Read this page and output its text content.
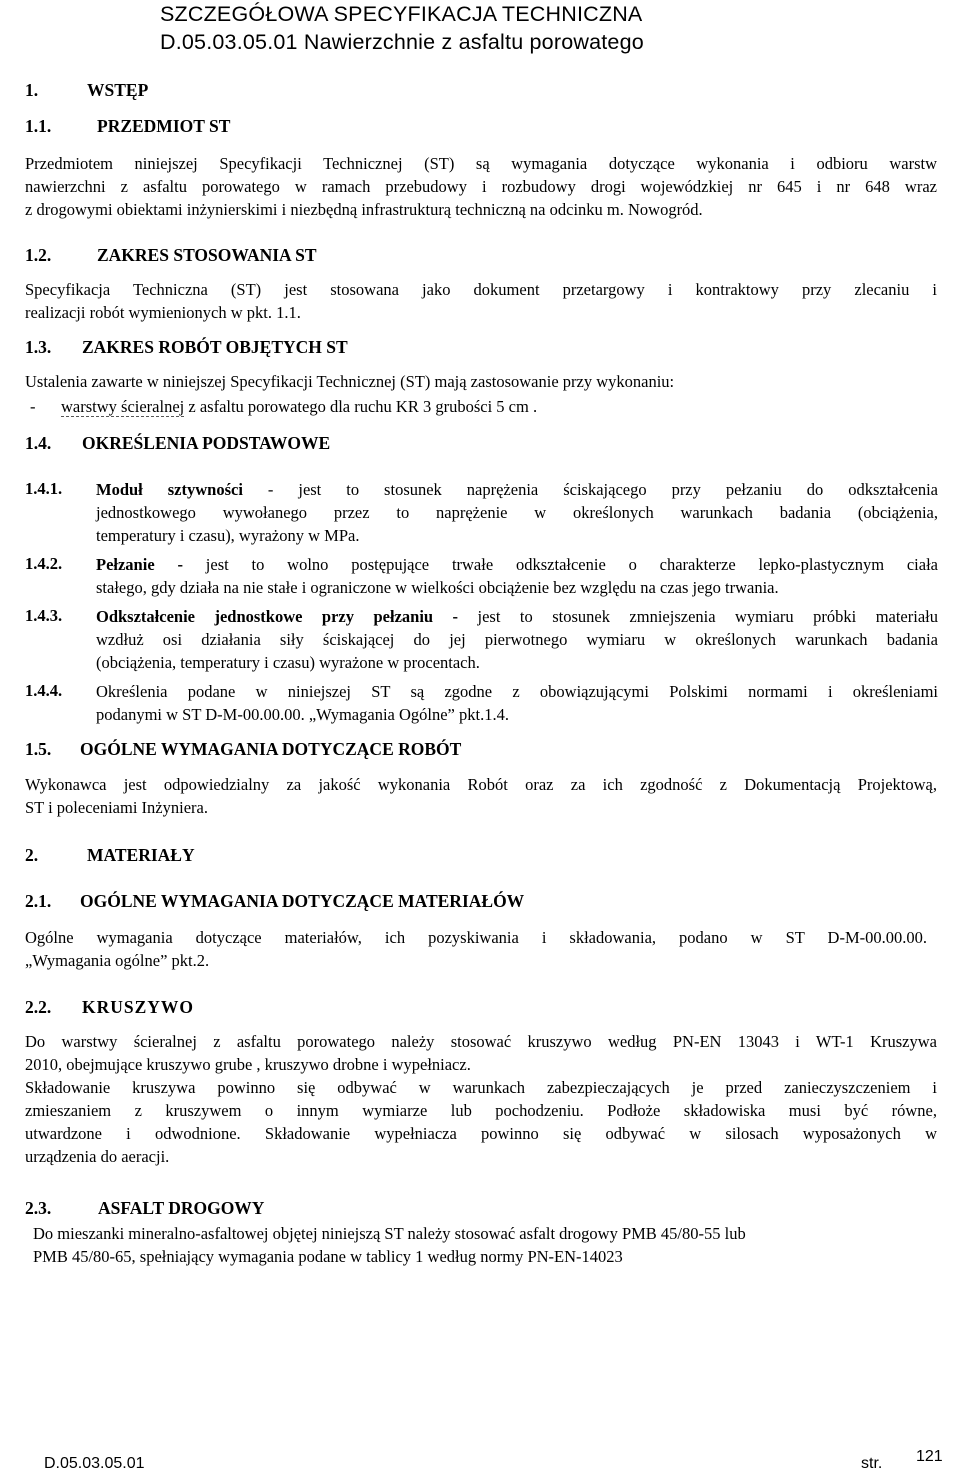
SZCZEGÓŁOWA SPECYFIKACJA TECHNICZNA
D.05.03.05.01 Nawierzchnie z asfaltu porowatego
1.	WSTĘP
1.1.	PRZEDMIOT ST
Przedmiotem niniejszej Specyfikacji Technicznej (ST) są wymagania dotyczące wykonania i odbioru warstw
nawierzchni z asfaltu porowatego w ramach przebudowy i rozbudowy drogi wojewódzkiej nr 645 i nr 648 wraz
z drogowymi obiektami inżynierskimi i niezbędną infrastrukturą techniczną na odcinku m. Nowogród.
1.2.	ZAKRES STOSOWANIA ST
Specyfikacja Techniczna (ST) jest stosowana jako dokument przetargowy i kontraktowy przy zlecaniu i
realizacji robót wymienionych w pkt. 1.1.
1.3. ZAKRES ROBÓT OBJĘTYCH ST
Ustalenia zawarte w niniejszej Specyfikacji Technicznej (ST) mają zastosowanie przy wykonaniu:
- warstwy ścieralnej z asfaltu porowatego dla ruchu KR 3 grubości 5 cm .
1.4. OKREŚLENIA PODSTAWOWE
1.4.1. Moduł sztywności - jest to stosunek naprężenia ściskającego przy pełzaniu do odkształcenia
jednostkowego wywołanego przez to naprężenie w określonych warunkach badania (obciążenia,
temperatury i czasu), wyrażony w MPa.
1.4.2. Pełzanie - jest to wolno postępujące trwałe odkształcenie o charakterze lepko-plastycznym ciała
stałego, gdy działa na nie stałe i ograniczone w wielkości obciążenie bez względu na czas jego trwania.
1.4.3. Odkształcenie jednostkowe przy pełzaniu - jest to stosunek zmniejszenia wymiaru próbki materiału
wzdłuż osi działania siły ściskającej do jej pierwotnego wymiaru w określonych warunkach badania
(obciążenia, temperatury i czasu) wyrażone w procentach.
1.4.4. Określenia podane w niniejszej ST są zgodne z obowiązującymi Polskimi normami i określeniami
podanymi w ST D-M-00.00.00. „Wymagania Ogólne” pkt.1.4.
1.5. OGÓLNE WYMAGANIA DOTYCZĄCE ROBÓT
Wykonawca jest odpowiedzialny za jakość wykonania Robót oraz za ich zgodność z Dokumentacją Projektową,
ST i poleceniami Inżyniera.
2.	MATERIAŁY
2.1. OGÓLNE WYMAGANIA DOTYCZĄCE MATERIAŁÓW
Ogólne wymagania dotyczące materiałów, ich pozyskiwania i składowania, podano w ST D-M-00.00.00.
„Wymagania ogólne” pkt.2.
2.2. KRUSZYWO
Do warstwy ścieralnej z asfaltu porowatego należy stosować kruszywo według PN-EN 13043 i WT-1 Kruszywa
2010, obejmujące kruszywo grube , kruszywo drobne i wypełniacz.
Składowanie kruszywa powinno się odbywać w warunkach zabezpieczających je przed zanieczyszczeniem i
zmieszaniem z kruszywem o innym wymiarze lub pochodzeniu. Podłoże składowiska musi być równe,
utwardzone i odwodnione. Składowanie wypełniacza powinno się odbywać w silosach wyposażonych w
urządzenia do aeracji.
2.3.	ASFALT DROGOWY
Do mieszanki mineralno-asfaltowej objętej niniejszą ST należy stosować asfalt drogowy PMB 45/80-55 lub
PMB 45/80-65, spełniający wymagania podane w tablicy 1 według normy PN-EN-14023
D.05.03.05.01	str. 121
